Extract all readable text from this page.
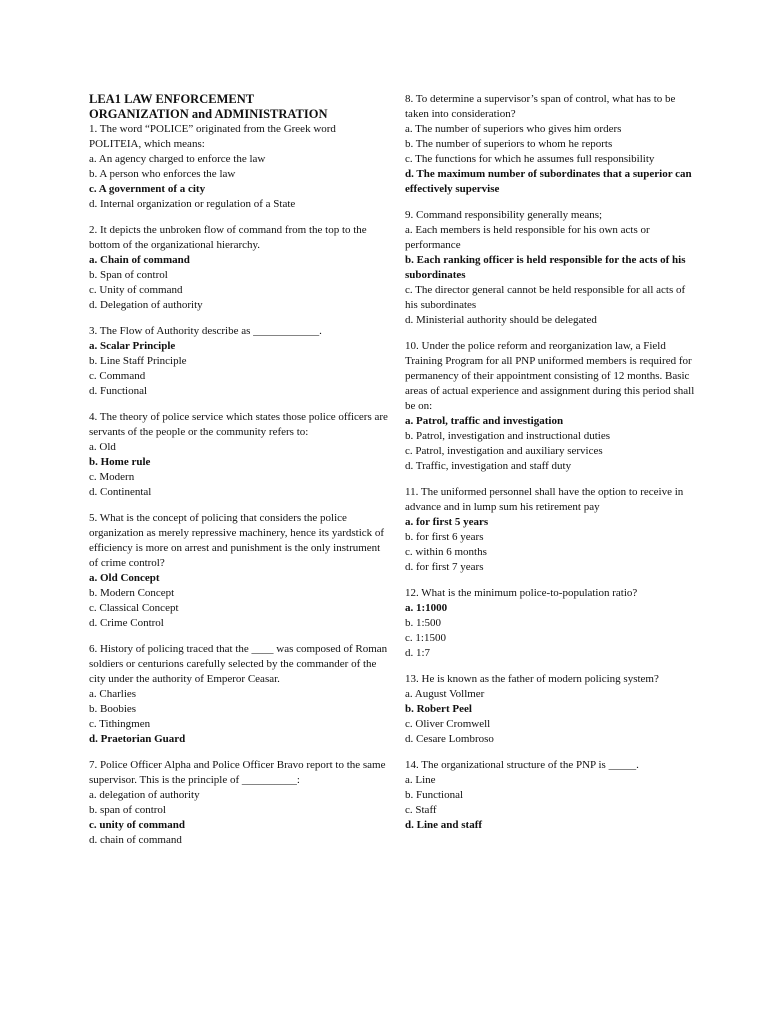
LEA1 LAW ENFORCEMENT
ORGANIZATION and ADMINISTRATION
1. The word “POLICE” originated from the Greek word POLITEIA, which means:
a. An agency charged to enforce the law
b. A person who enforces the law
c. A government of a city
d. Internal organization or regulation of a State
2. It depicts the unbroken flow of command from the top to the bottom of the organizational hierarchy.
a. Chain of command
b. Span of control
c. Unity of command
d. Delegation of authority
3. The Flow of Authority describe as ____________.
a. Scalar Principle
b. Line Staff Principle
c. Command
d. Functional
4. The theory of police service which states those police officers are servants of the people or the community refers to:
a. Old
b. Home rule
c. Modern
d. Continental
5. What is the concept of policing that considers the police organization as merely repressive machinery, hence its yardstick of efficiency is more on arrest and punishment is the only instrument of crime control?
a. Old Concept
b. Modern Concept
c. Classical Concept
d. Crime Control
6. History of policing traced that the ____ was composed of Roman soldiers or centurions carefully selected by the commander of the city under the authority of Emperor Ceasar.
a. Charlies
b. Boobies
c. Tithingmen
d. Praetorian Guard
7. Police Officer Alpha and Police Officer Bravo report to the same supervisor. This is the principle of __________:
a. delegation of authority
b. span of control
c. unity of command
d. chain of command
8. To determine a supervisor’s span of control, what has to be taken into consideration?
a. The number of superiors who gives him orders
b. The number of superiors to whom he reports
c. The functions for which he assumes full responsibility
d. The maximum number of subordinates that a superior can effectively supervise
9. Command responsibility generally means;
a. Each members is held responsible for his own acts or performance
b. Each ranking officer is held responsible for the acts of his subordinates
c. The director general cannot be held responsible for all acts of his subordinates
d. Ministerial authority should be delegated
10. Under the police reform and reorganization law, a Field Training Program for all PNP uniformed members is required for permanency of their appointment consisting of 12 months. Basic areas of actual experience and assignment during this period shall be on:
a. Patrol, traffic and investigation
b. Patrol, investigation and instructional duties
c. Patrol, investigation and auxiliary services
d. Traffic, investigation and staff duty
11. The uniformed personnel shall have the option to receive in advance and in lump sum his retirement pay
a. for first 5 years
b. for first 6 years
c. within 6 months
d. for first 7 years
12. What is the minimum police-to-population ratio?
a. 1:1000
b. 1:500
c. 1:1500
d. 1:7
13. He is known as the father of modern policing system?
a. August Vollmer
b. Robert Peel
c. Oliver Cromwell
d. Cesare Lombroso
14. The organizational structure of the PNP is _____.
a. Line
b. Functional
c. Staff
d. Line and staff
